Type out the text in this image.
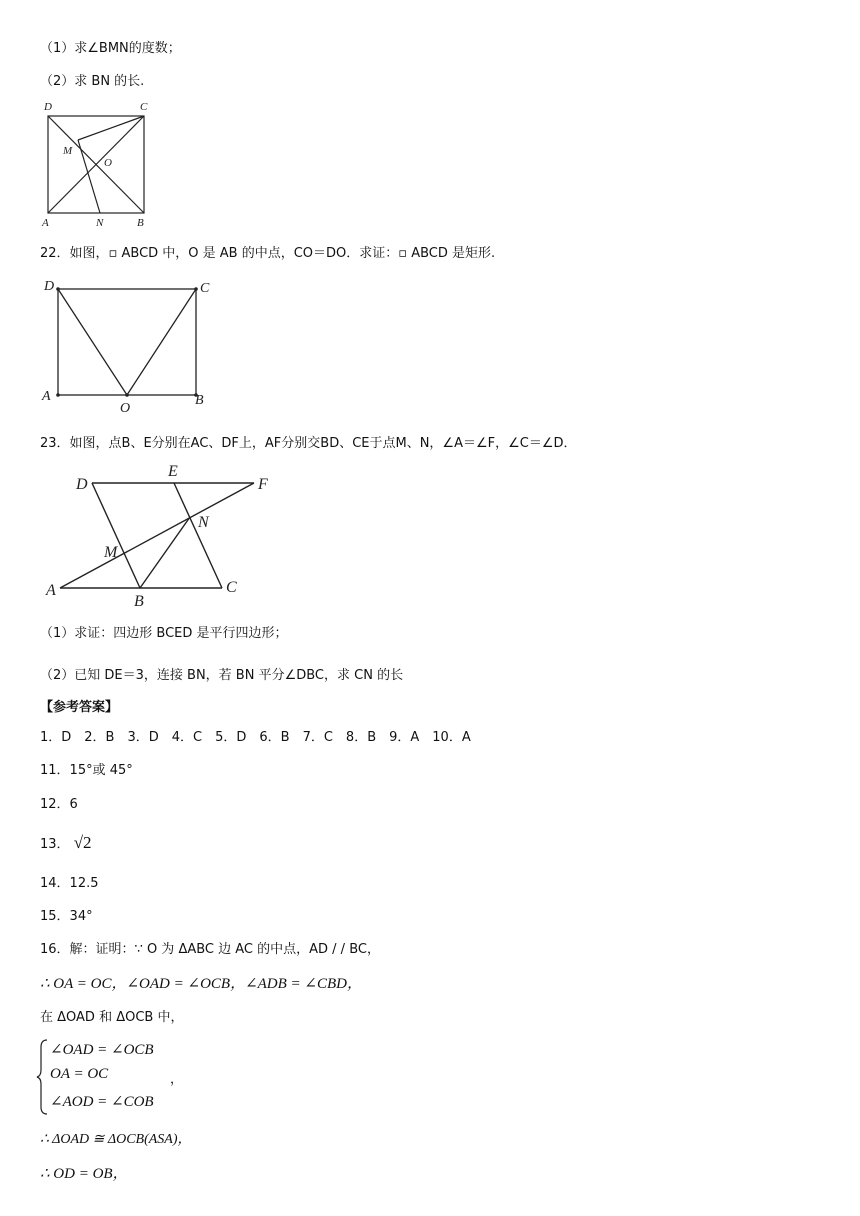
（1）求∠BMN的度数；
（2）求 BN 的长.
D	C
M
O
A	N	B
22．如图，▫ ABCD 中，O 是 AB 的中点，CO＝DO．求证：▫ ABCD 是矩形.
D	C
A
O
B
23．如图，点B、E分别在AC、DF上，AF分别交BD、CE于点M、N，∠A＝∠F，∠C＝∠D．
D
E
F
N
M
A
B
C
（1）求证：四边形 BCED 是平行四边形；
（2）已知 DE＝3，连接 BN，若 BN 平分∠DBC，求 CN 的长
【参考答案】
1．D　2．B　3．D　4．C　5．D　6．B　7．C　8．B　9．A　10．A
11．15°或 45°
12．6
13． √2
14．12.5
15．34°
16．解：证明：∵ O 为 ΔABC 边 AC 的中点，AD / / BC，
∴ OA = OC，∠OAD = ∠OCB，∠ADB = ∠CBD，
在 ΔOAD 和 ΔOCB 中，
∠OAD = ∠OCB
OA = OC	，
∠AOD = ∠COB
∴ ΔOAD ≅ ΔOCB(ASA)，
∴ OD = OB，
